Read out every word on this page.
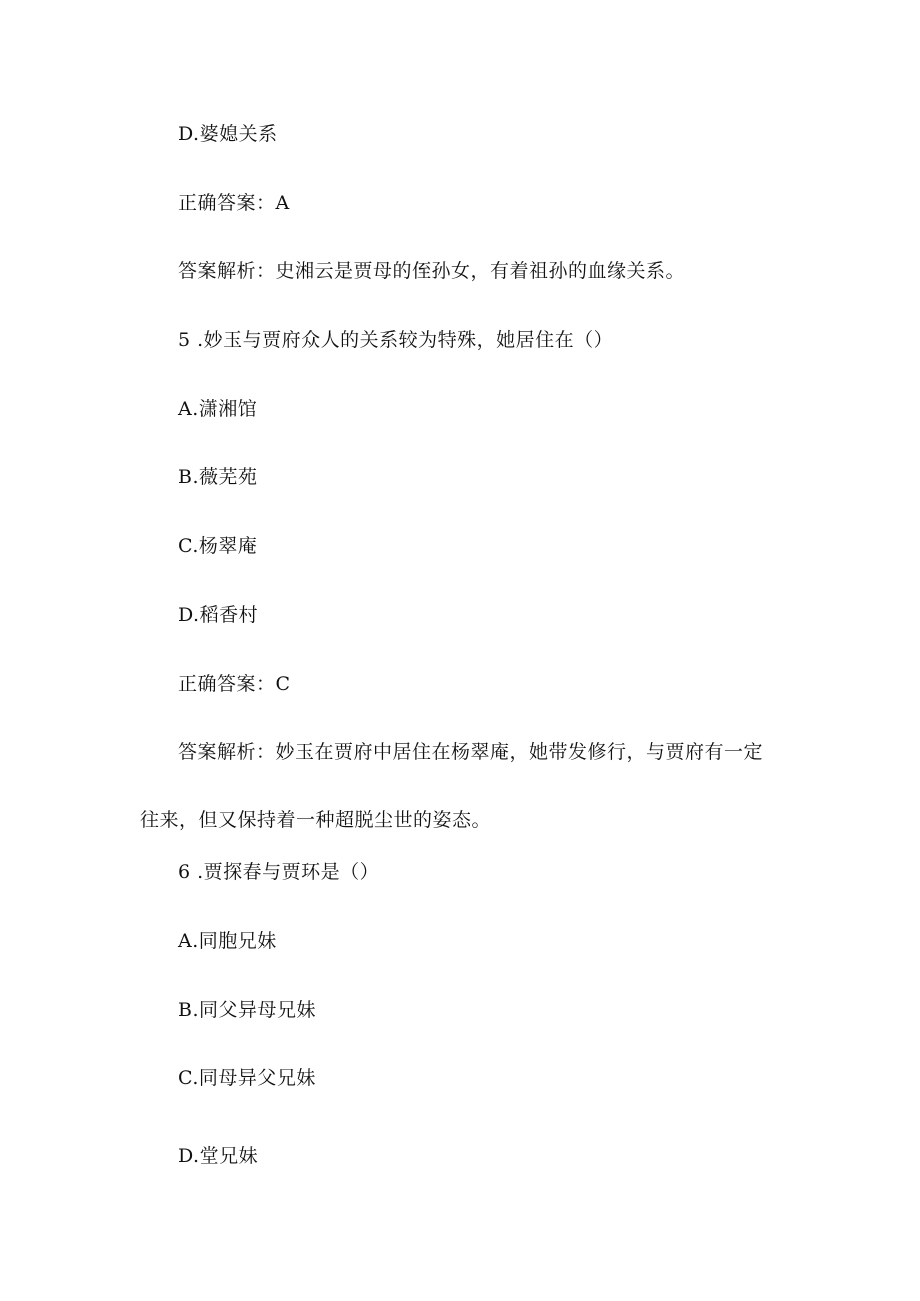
D.婆媳关系
正确答案：A
答案解析：史湘云是贾母的侄孙女，有着祖孙的血缘关系。
5 .妙玉与贾府众人的关系较为特殊，她居住在（）
A.潇湘馆
B.薇芜苑
C.杨翠庵
D.稻香村
正确答案：C
答案解析：妙玉在贾府中居住在杨翠庵，她带发修行，与贾府有一定往来，但又保持着一种超脱尘世的姿态。
6 .贾探春与贾环是（）
A.同胞兄妹
B.同父异母兄妹
C.同母异父兄妹
D.堂兄妹
